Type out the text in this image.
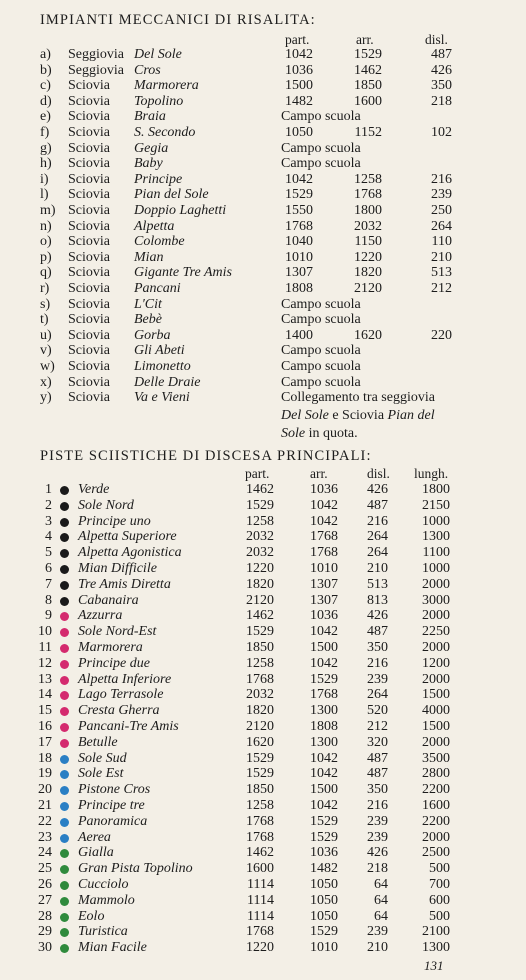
IMPIANTI MECCANICI DI RISALITA:
part.	arr.	disl.
a) Seggiovia Del Sole	1042	1529	487
b) Seggiovia Cros	1036	1462	426
c) Sciovia Marmorera	1500	1850	350
d) Sciovia Topolino	1482	1600	218
e) Sciovia Braia	Campo scuola
f) Sciovia S. Secondo	1050	1152	102
g) Sciovia Gegia	Campo scuola
h) Sciovia Baby	Campo scuola
i) Sciovia Principe	1042	1258	216
l) Sciovia Pian del Sole	1529	1768	239
m) Sciovia Doppio Laghetti	1550	1800	250
n) Sciovia Alpetta	1768	2032	264
o) Sciovia Colombe	1040	1150	110
p) Sciovia Mian	1010	1220	210
q) Sciovia Gigante Tre Amis	1307	1820	513
r) Sciovia Pancani	1808	2120	212
s) Sciovia L'Cit	Campo scuola
t) Sciovia Bebè	Campo scuola
u) Sciovia Gorba	1400	1620	220
v) Sciovia Gli Abeti	Campo scuola
w) Sciovia Limonetto	Campo scuola
x) Sciovia Delle Draie	Campo scuola
y) Sciovia Va e Vieni	Collegamento tra seggiovia
Del Sole e Sciovia Pian del
Sole in quota.
PISTE SCIISTICHE DI DISCESA PRINCIPALI:
part.	arr.	disl. lungh.
1 Verde	1462	1036	426 1800
2 Sole Nord	1529	1042	487 2150
3 Principe uno	1258	1042	216 1000
4 Alpetta Superiore	2032	1768	264 1300
5 Alpetta Agonistica	2032	1768	264	1100
6 Mian Difficile	1220	1010	210 1000
7 Tre Amis Diretta	1820	1307	513 2000
8 Cabanaira	2120	1307	813 3000
9 Azzurra	1462	1036	426 2000
10 Sole Nord-Est	1529	1042	487 2250
11 Marmorera	1850	1500	350 2000
12 Principe due	1258	1042	216 1200
13 Alpetta Inferiore	1768	1529	239 2000
14 Lago Terrasole	2032	1768	264 1500
15 Cresta Gherra	1820	1300	520 4000
16 Pancani-Tre Amis	2120	1808	212 1500
17 Betulle	1620	1300	320 2000
18 Sole Sud	1529	1042	487 3500
19 Sole Est	1529	1042	487 2800
20 Pistone Cros	1850	1500	350 2200
21 Principe tre	1258	1042	216 1600
22 Panoramica	1768	1529	239 2200
23 Aerea	1768	1529	239 2000
24 Gialla	1462	1036	426 2500
25 Gran Pista Topolino	1600	1482	218	500
26 Cucciolo	1114	1050	64	700
27 Mammolo	1114	1050	64	600
28 Eolo	1114	1050	64	500
29 Turistica	1768	1529	239 2100
30 Mian Facile	1220	1010	210 1300
131
